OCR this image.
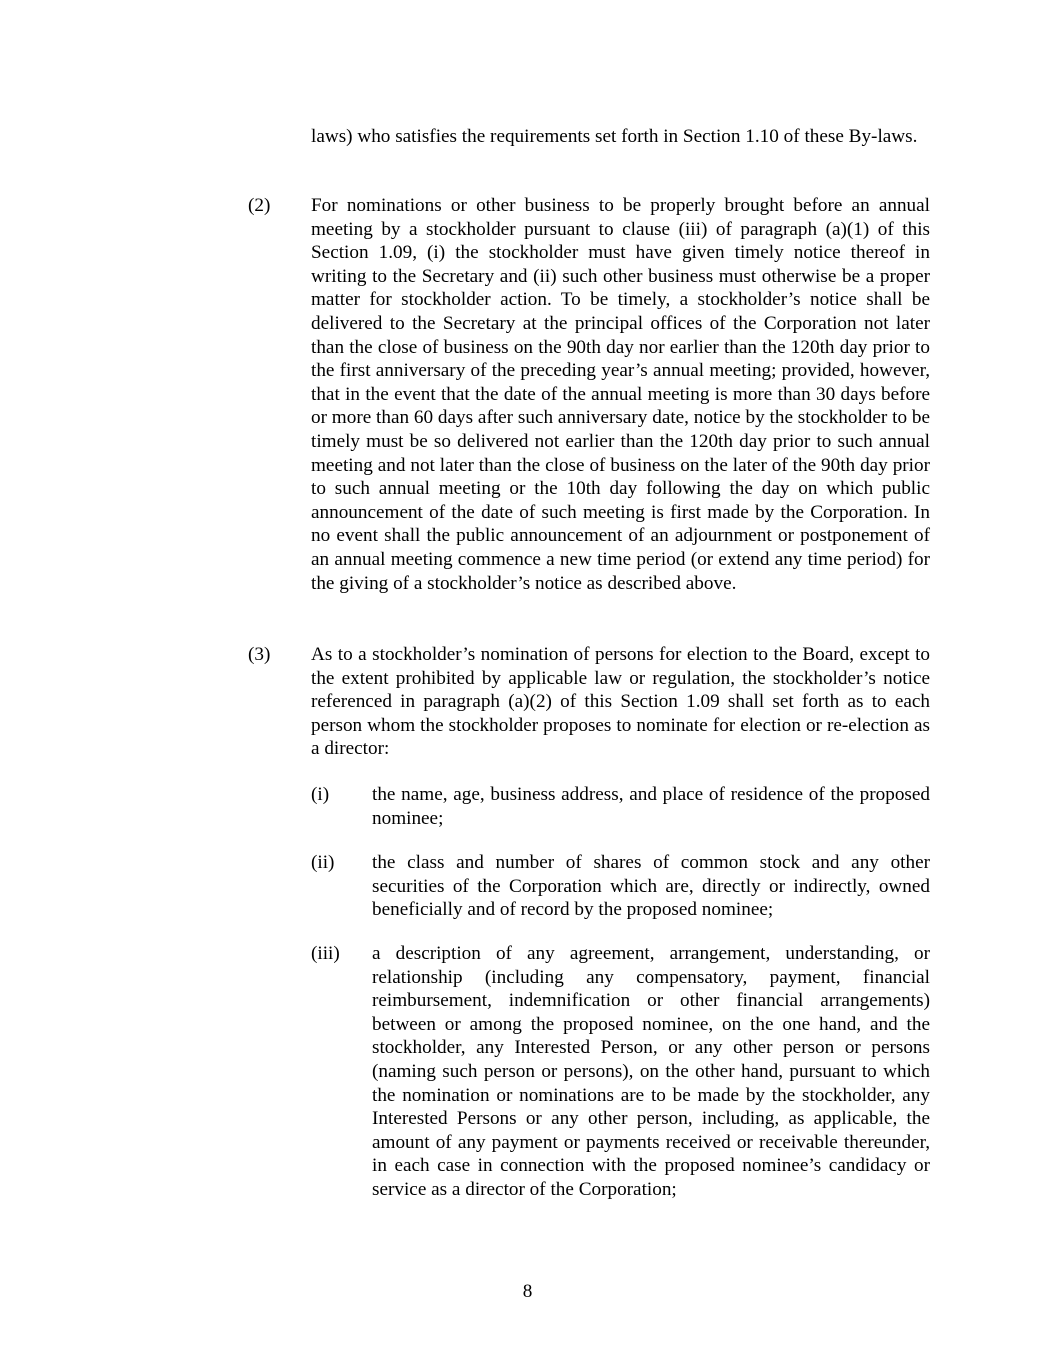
laws) who satisfies the requirements set forth in Section 1.10 of these By-laws.
(2) For nominations or other business to be properly brought before an annual meeting by a stockholder pursuant to clause (iii) of paragraph (a)(1) of this Section 1.09, (i) the stockholder must have given timely notice thereof in writing to the Secretary and (ii) such other business must otherwise be a proper matter for stockholder action. To be timely, a stockholder’s notice shall be delivered to the Secretary at the principal offices of the Corporation not later than the close of business on the 90th day nor earlier than the 120th day prior to the first anniversary of the preceding year’s annual meeting; provided, however, that in the event that the date of the annual meeting is more than 30 days before or more than 60 days after such anniversary date, notice by the stockholder to be timely must be so delivered not earlier than the 120th day prior to such annual meeting and not later than the close of business on the later of the 90th day prior to such annual meeting or the 10th day following the day on which public announcement of the date of such meeting is first made by the Corporation. In no event shall the public announcement of an adjournment or postponement of an annual meeting commence a new time period (or extend any time period) for the giving of a stockholder’s notice as described above.
(3) As to a stockholder’s nomination of persons for election to the Board, except to the extent prohibited by applicable law or regulation, the stockholder’s notice referenced in paragraph (a)(2) of this Section 1.09 shall set forth as to each person whom the stockholder proposes to nominate for election or re-election as a director:
(i) the name, age, business address, and place of residence of the proposed nominee;
(ii) the class and number of shares of common stock and any other securities of the Corporation which are, directly or indirectly, owned beneficially and of record by the proposed nominee;
(iii) a description of any agreement, arrangement, understanding, or relationship (including any compensatory, payment, financial reimbursement, indemnification or other financial arrangements) between or among the proposed nominee, on the one hand, and the stockholder, any Interested Person, or any other person or persons (naming such person or persons), on the other hand, pursuant to which the nomination or nominations are to be made by the stockholder, any Interested Persons or any other person, including, as applicable, the amount of any payment or payments received or receivable thereunder, in each case in connection with the proposed nominee’s candidacy or service as a director of the Corporation;
8
